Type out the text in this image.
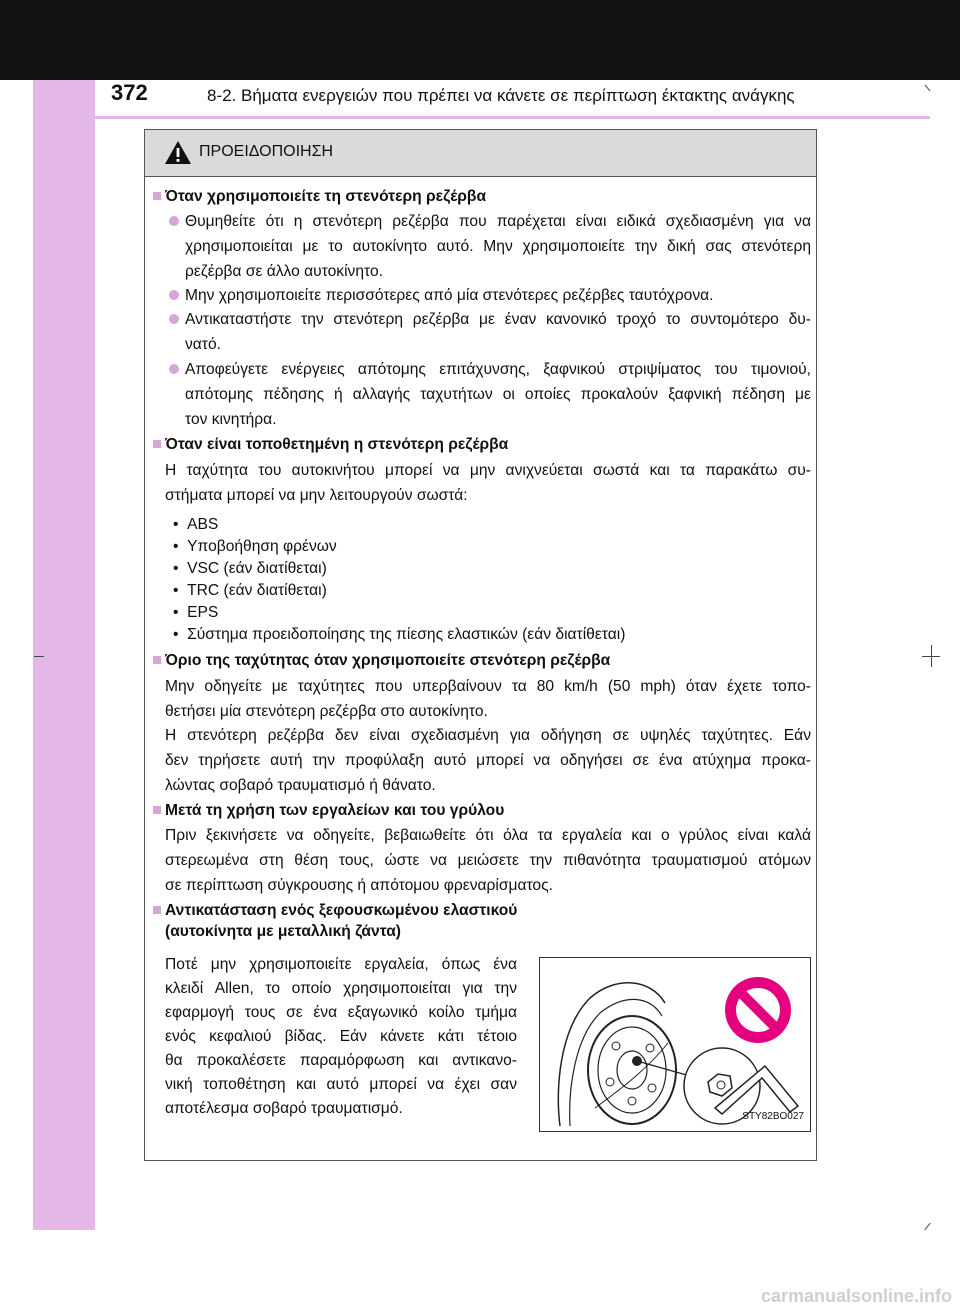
372	8-2. Βήματα ενεργειών που πρέπει να κάνετε σε περίπτωση έκτακτης ανάγκης
ΠΡΟΕΙΔΟΠΟΙΗΣΗ
Όταν χρησιμοποιείτε τη στενότερη ρεζέρβα
Θυμηθείτε ότι η στενότερη ρεζέρβα που παρέχεται είναι ειδικά σχεδιασμένη για να
χρησιμοποιείται με το αυτοκίνητο αυτό. Μην χρησιμοποιείτε την δική σας στενότερη
ρεζέρβα σε άλλο αυτοκίνητο.
Μην χρησιμοποιείτε περισσότερες από μία στενότερες ρεζέρβες ταυτόχρονα.
Αντικαταστήστε την στενότερη ρεζέρβα με έναν κανονικό τροχό το συντομότερο δυ-
νατό.
Αποφεύγετε ενέργειες απότομης επιτάχυνσης, ξαφνικού στριψίματος του τιμονιού,
απότομης πέδησης ή αλλαγής ταχυτήτων οι οποίες προκαλούν ξαφνική πέδηση με
τον κινητήρα.
Όταν είναι τοποθετημένη η στενότερη ρεζέρβα
Η ταχύτητα του αυτοκινήτου μπορεί να μην ανιχνεύεται σωστά και τα παρακάτω συ-
στήματα μπορεί να μην λειτουργούν σωστά:
•  ABS
•  Υποβοήθηση φρένων
•  VSC (εάν διατίθεται)
•  TRC (εάν διατίθεται)
•  EPS
•  Σύστημα προειδοποίησης της πίεσης ελαστικών (εάν διατίθεται)
Όριο της ταχύτητας όταν χρησιμοποιείτε στενότερη ρεζέρβα
Μην οδηγείτε με ταχύτητες που υπερβαίνουν τα 80 km/h (50 mph) όταν έχετε τοπο-
θετήσει μία στενότερη ρεζέρβα στο αυτοκίνητο.
Η στενότερη ρεζέρβα δεν είναι σχεδιασμένη για οδήγηση σε υψηλές ταχύτητες. Εάν
δεν τηρήσετε αυτή την προφύλαξη αυτό μπορεί να οδηγήσει σε ένα ατύχημα προκα-
λώντας σοβαρό τραυματισμό ή θάνατο.
Μετά τη χρήση των εργαλείων και του γρύλου
Πριν ξεκινήσετε να οδηγείτε, βεβαιωθείτε ότι όλα τα εργαλεία και ο γρύλος είναι καλά
στερεωμένα στη θέση τους, ώστε να μειώσετε την πιθανότητα τραυματισμού ατόμων
σε περίπτωση σύγκρουσης ή απότομου φρεναρίσματος.
Αντικατάσταση ενός ξεφουσκωμένου ελαστικού
(αυτοκίνητα με μεταλλική ζάντα)
Ποτέ μην χρησιμοποιείτε εργαλεία, όπως ένα
κλειδί Allen, το οποίο χρησιμοποιείται για την
εφαρμογή τους σε ένα εξαγωνικό κοίλο τμήμα
ενός κεφαλιού βίδας. Εάν κάνετε κάτι τέτοιο
θα προκαλέσετε παραμόρφωση και αντικανο-
νική τοποθέτηση και αυτό μπορεί να έχει σαν
αποτέλεσμα σοβαρό τραυματισμό.	STY82BO027
carmanualsonline.info
